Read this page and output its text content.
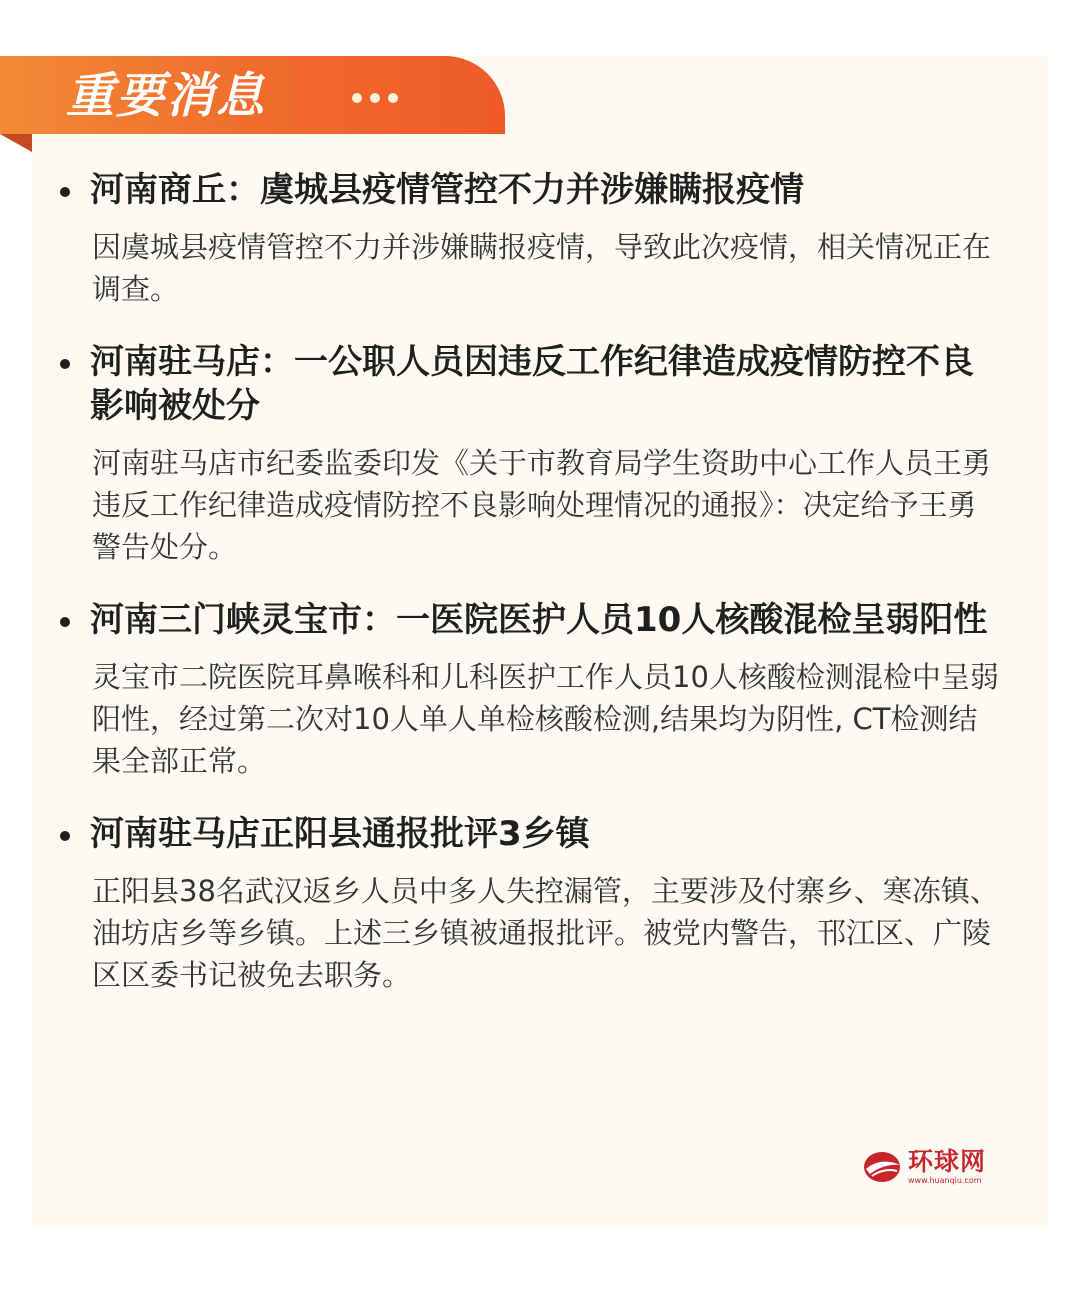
重要消息
河南商丘：虞城县疫情管控不力并涉嫌瞒报疫情
因虞城县疫情管控不力并涉嫌瞒报疫情，导致此次疫情，相关情况正在调查。
河南驻马店：一公职人员因违反工作纪律造成疫情防控不良影响被处分
河南驻马店市纪委监委印发《关于市教育局学生资助中心工作人员王勇违反工作纪律造成疫情防控不良影响处理情况的通报》：决定给予王勇警告处分。
河南三门峡灵宝市：一医院医护人员10人核酸混检呈弱阳性
灵宝市二院医院耳鼻喉科和儿科医护工作人员10人核酸检测混检中呈弱阳性，经过第二次对10人单人单检核酸检测,结果均为阴性, CT检测结果全部正常。
河南驻马店正阳县通报批评3乡镇
正阳县38名武汉返乡人员中多人失控漏管，主要涉及付寨乡、寒冻镇、油坊店乡等乡镇。上述三乡镇被通报批评。被党内警告，邗江区、广陵区区委书记被免去职务。
环球网
www.huanqiu.com
